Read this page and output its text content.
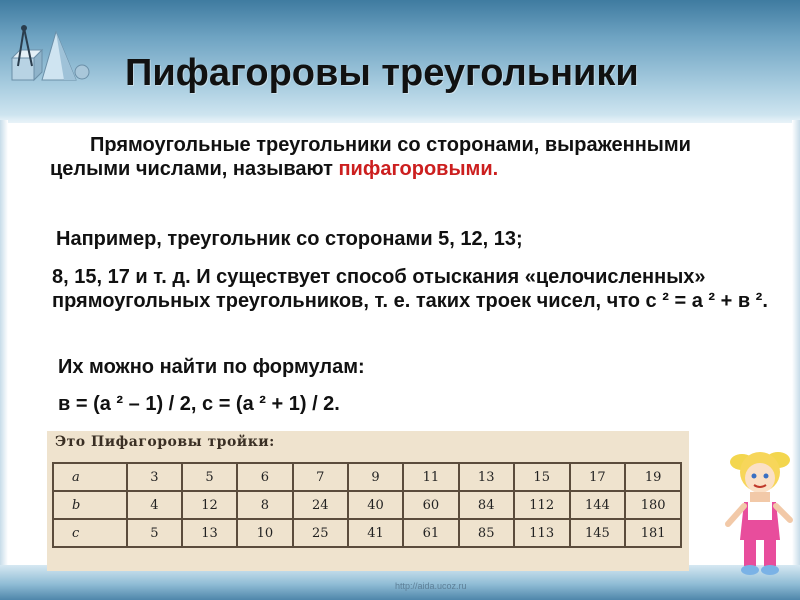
Пифагоровы треугольники
Прямоугольные треугольники со сторонами, выраженными целыми числами, называют пифагоровыми.
Например, треугольник со сторонами 5, 12, 13;
8, 15, 17 и т. д. И существует способ отыскания «целочисленных» прямоугольных треугольников, т. е. таких троек чисел, что с ² = а ² + в ².
Их можно найти по формулам:
в = (а ² – 1) / 2, с = (а ² + 1) / 2.
Это Пифагоровы тройки:
a	3	5	6	7	9	11	13	15	17	19
b	4	12	8	24	40	60	84	112	144	180
c	5	13	10	25	41	61	85	113	145	181
http://aida.ucoz.ru
